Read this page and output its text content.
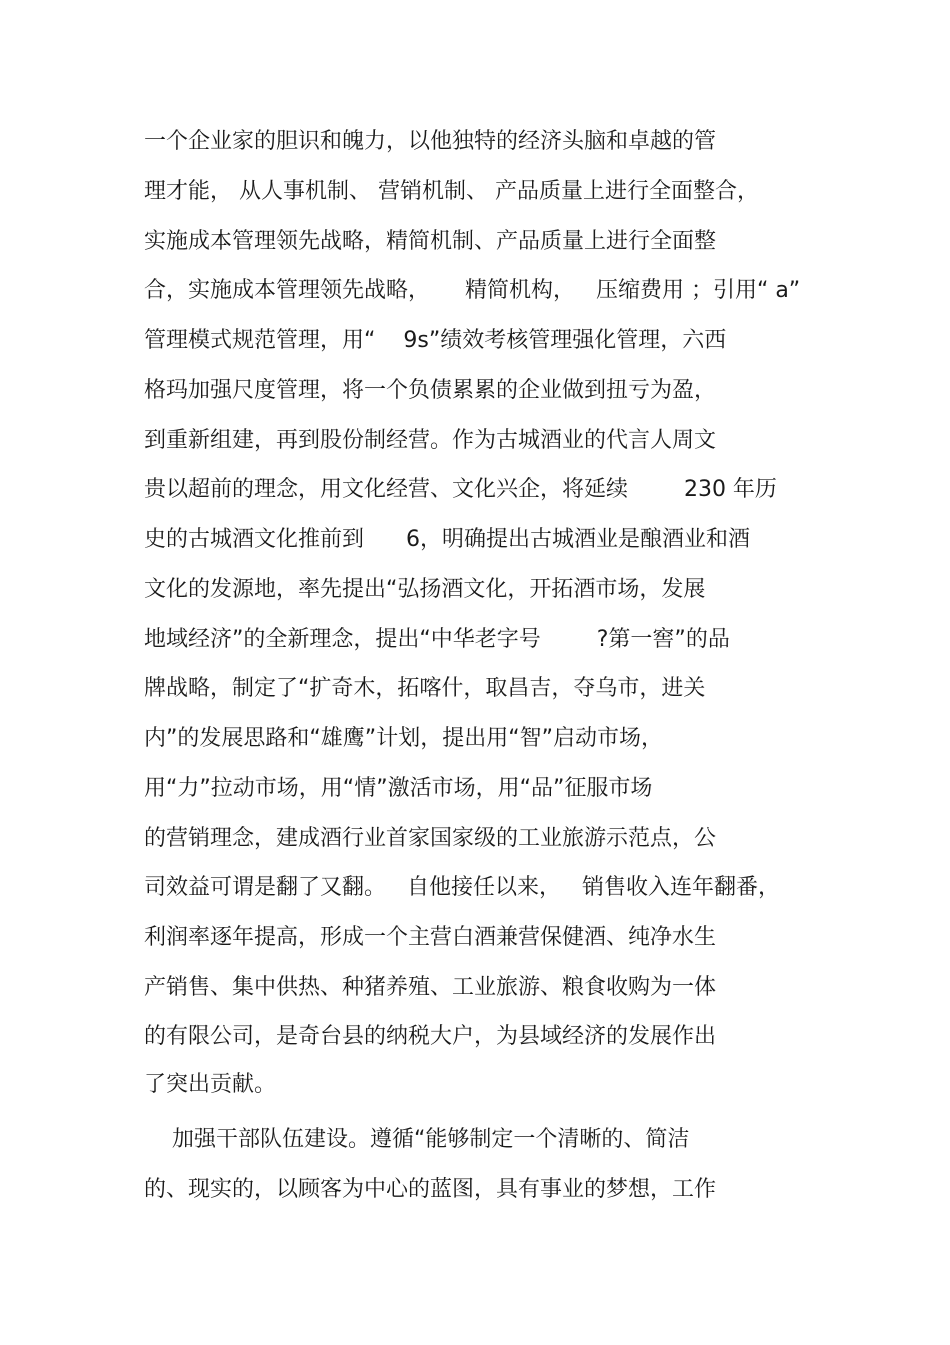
一个企业家的胆识和魄力，以他独特的经济头脑和卓越的管
理才能， 从人事机制、 营销机制、 产品质量上进行全面整合，
实施成本管理领先战略，精简机制、产品质量上进行全面整
合，实施成本管理领先战略，     精简机构，   压缩费用 ；引用“ a”
管理模式规范管理，用“    9s”绩效考核管理强化管理，六西
格玛加强尺度管理，将一个负债累累的企业做到扭亏为盈，
到重新组建，再到股份制经营。作为古城酒业的代言人周文
贵以超前的理念，用文化经营、文化兴企，将延续        230 年历
史的古城酒文化推前到      6，明确提出古城酒业是酿酒业和酒
文化的发源地，率先提出“弘扬酒文化，开拓酒市场，发展
地域经济”的全新理念，提出“中华老字号        ?第一窖”的品
牌战略，制定了“扩奇木，拓喀什，取昌吉，夺乌市，进关
内”的发展思路和“雄鹰”计划，提出用“智”启动市场，
用“力”拉动市场，用“情”激活市场，用“品”征服市场
的营销理念，建成酒行业首家国家级的工业旅游示范点，公
司效益可谓是翻了又翻。   自他接任以来，   销售收入连年翻番，
利润率逐年提高，形成一个主营白酒兼营保健酒、纯净水生
产销售、集中供热、种猪养殖、工业旅游、粮食收购为一体
的有限公司，是奇台县的纳税大户，为县域经济的发展作出
了突出贡献。
加强干部队伍建设。遵循“能够制定一个清晰的、简洁
的、现实的，以顾客为中心的蓝图，具有事业的梦想，工作
